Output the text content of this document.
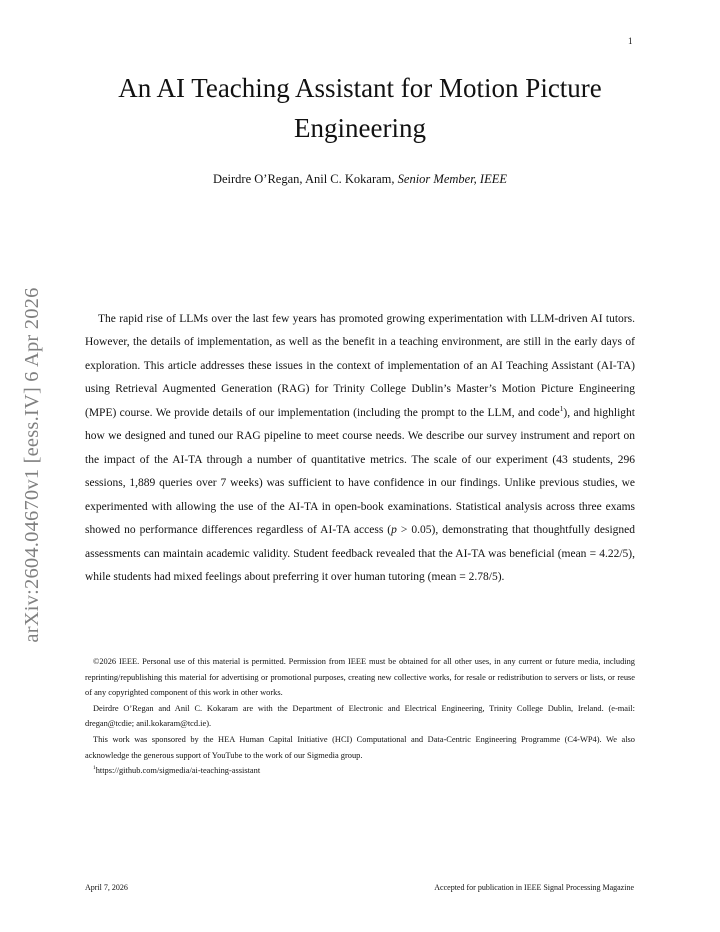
1
An AI Teaching Assistant for Motion Picture Engineering
Deirdre O’Regan, Anil C. Kokaram, Senior Member, IEEE
arXiv:2604.04670v1 [eess.IV] 6 Apr 2026	The rapid rise of LLMs over the last few years has promoted growing experimentation with LLM-driven AI tutors. However, the details of implementation, as well as the benefit in a teaching environment, are still in the early days of exploration. This article addresses these issues in the context of implementation of an AI Teaching Assistant (AI-TA) using Retrieval Augmented Generation (RAG) for Trinity College Dublin’s Master’s Motion Picture Engineering (MPE) course. We provide details of our implementation (including the prompt to the LLM, and code$^1$), and highlight how we designed and tuned our RAG pipeline to meet course needs. We describe our survey instrument and report on the impact of the AI-TA through a number of quantitative metrics. The scale of our experiment (43 students, 296 sessions, 1,889 queries over 7 weeks) was sufficient to have confidence in our findings. Unlike previous studies, we experimented with allowing the use of the AI-TA in open-book examinations. Statistical analysis across three exams showed no performance differences regardless of AI-TA access (p > 0.05), demonstrating that thoughtfully designed assessments can maintain academic validity. Student feedback revealed that the AI-TA was beneficial (mean = 4.22/5), while students had mixed feelings about preferring it over human tutoring (mean = 2.78/5).

©2026 IEEE. Personal use of this material is permitted. Permission from IEEE must be obtained for all other uses, in any current or future media, including reprinting/republishing this material for advertising or promotional purposes, creating new collective works, for resale or redistribution to servers or lists, or reuse of any copyrighted component of this work in other works.

Deirdre O’Regan and Anil C. Kokaram are with the Department of Electronic and Electrical Engineering, Trinity College Dublin, Ireland. (e-mail: dregan@tcdie; anil.kokaram@tcd.ie).

This work was sponsored by the HEA Human Capital Initiative (HCI) Computational and Data-Centric Engineering Programme (C4-WP4). We also acknowledge the generous support of YouTube to the work of our Sigmedia group.

$^1$https://github.com/sigmedia/ai-teaching-assistant

April 7, 2026	Accepted for publication in IEEE Signal Processing Magazine
